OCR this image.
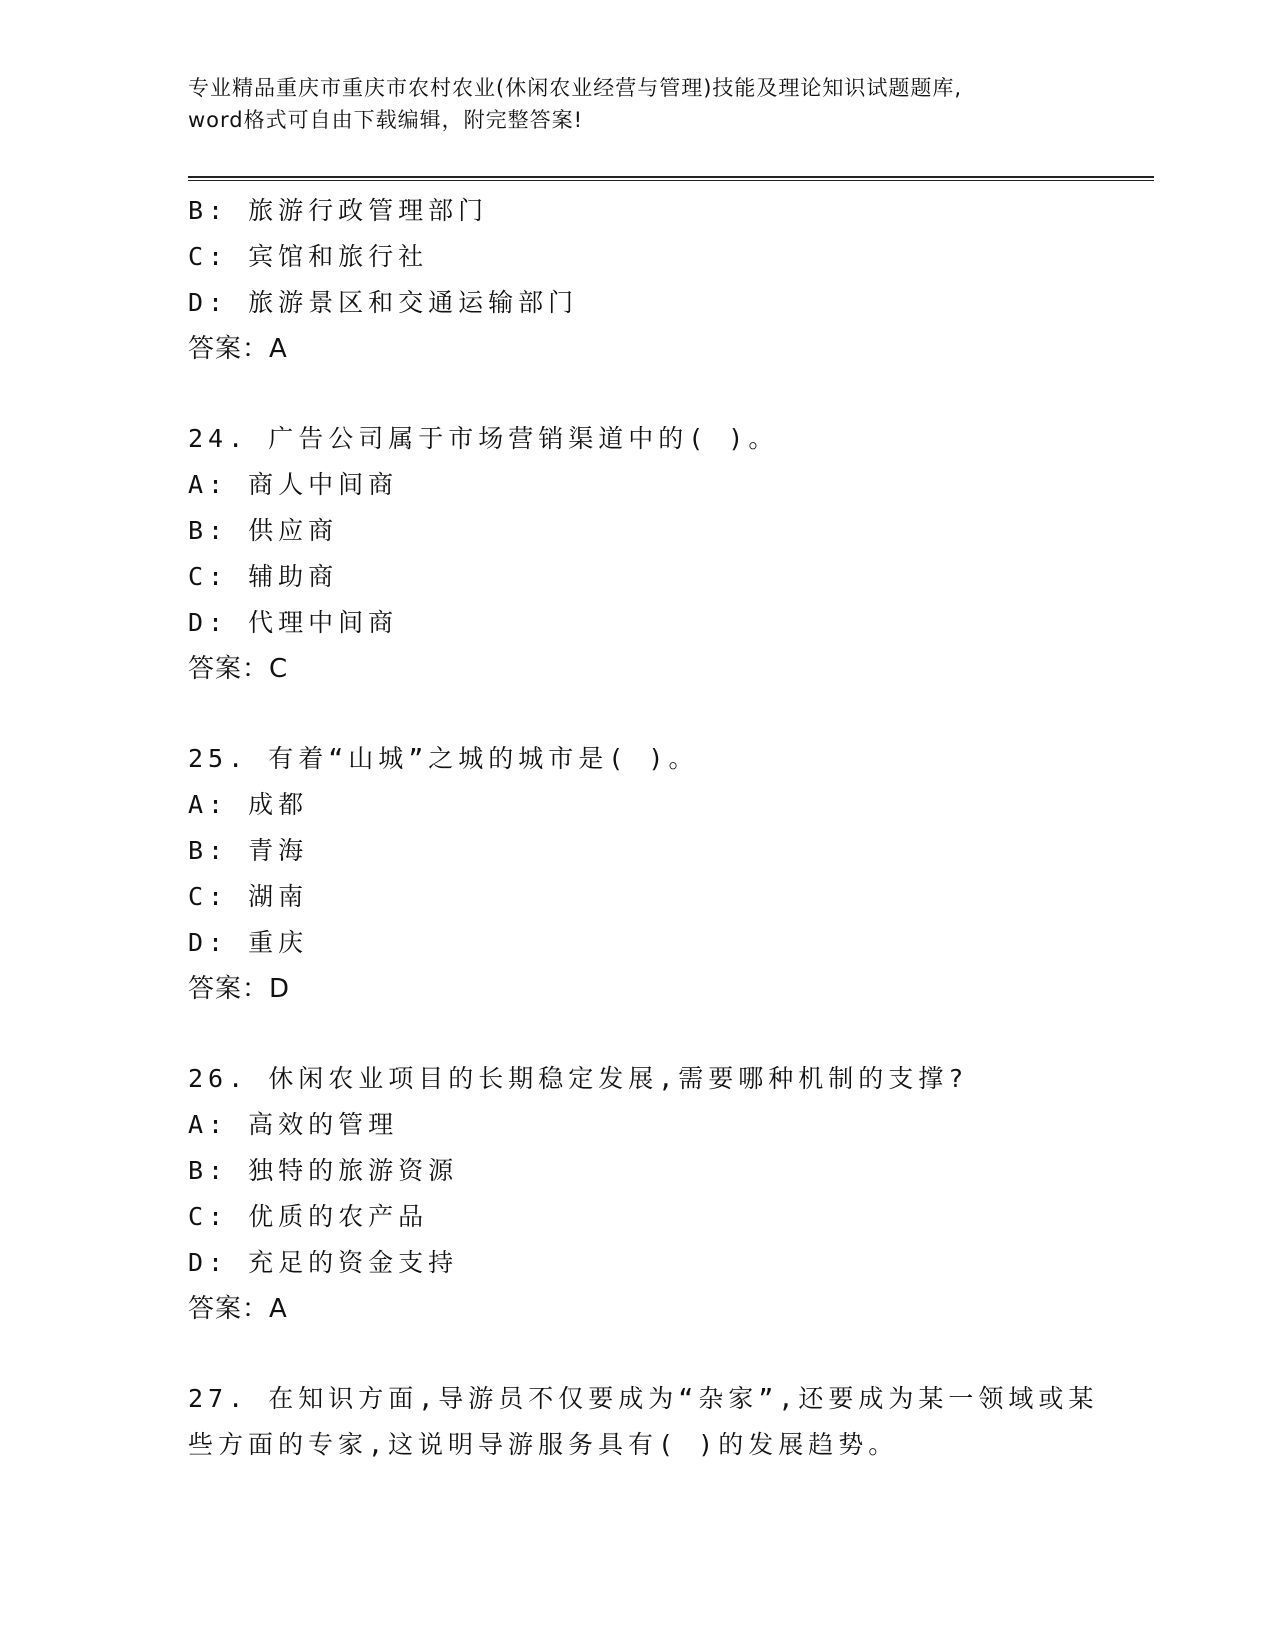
专业精品重庆市重庆市农村农业(休闲农业经营与管理)技能及理论知识试题题库,
word格式可自由下载编辑，附完整答案!
B: 旅游行政管理部门
C: 宾馆和旅行社
D: 旅游景区和交通运输部门
答案：A
24. 广告公司属于市场营销渠道中的( )。
A: 商人中间商
B: 供应商
C: 辅助商
D: 代理中间商
答案：C
25. 有着“山城”之城的城市是( )。
A: 成都
B: 青海
C: 湖南
D: 重庆
答案：D
26. 休闲农业项目的长期稳定发展,需要哪种机制的支撑?
A: 高效的管理
B: 独特的旅游资源
C: 优质的农产品
D: 充足的资金支持
答案：A
27. 在知识方面,导游员不仅要成为“杂家”,还要成为某一领域或某
些方面的专家,这说明导游服务具有( )的发展趋势。
